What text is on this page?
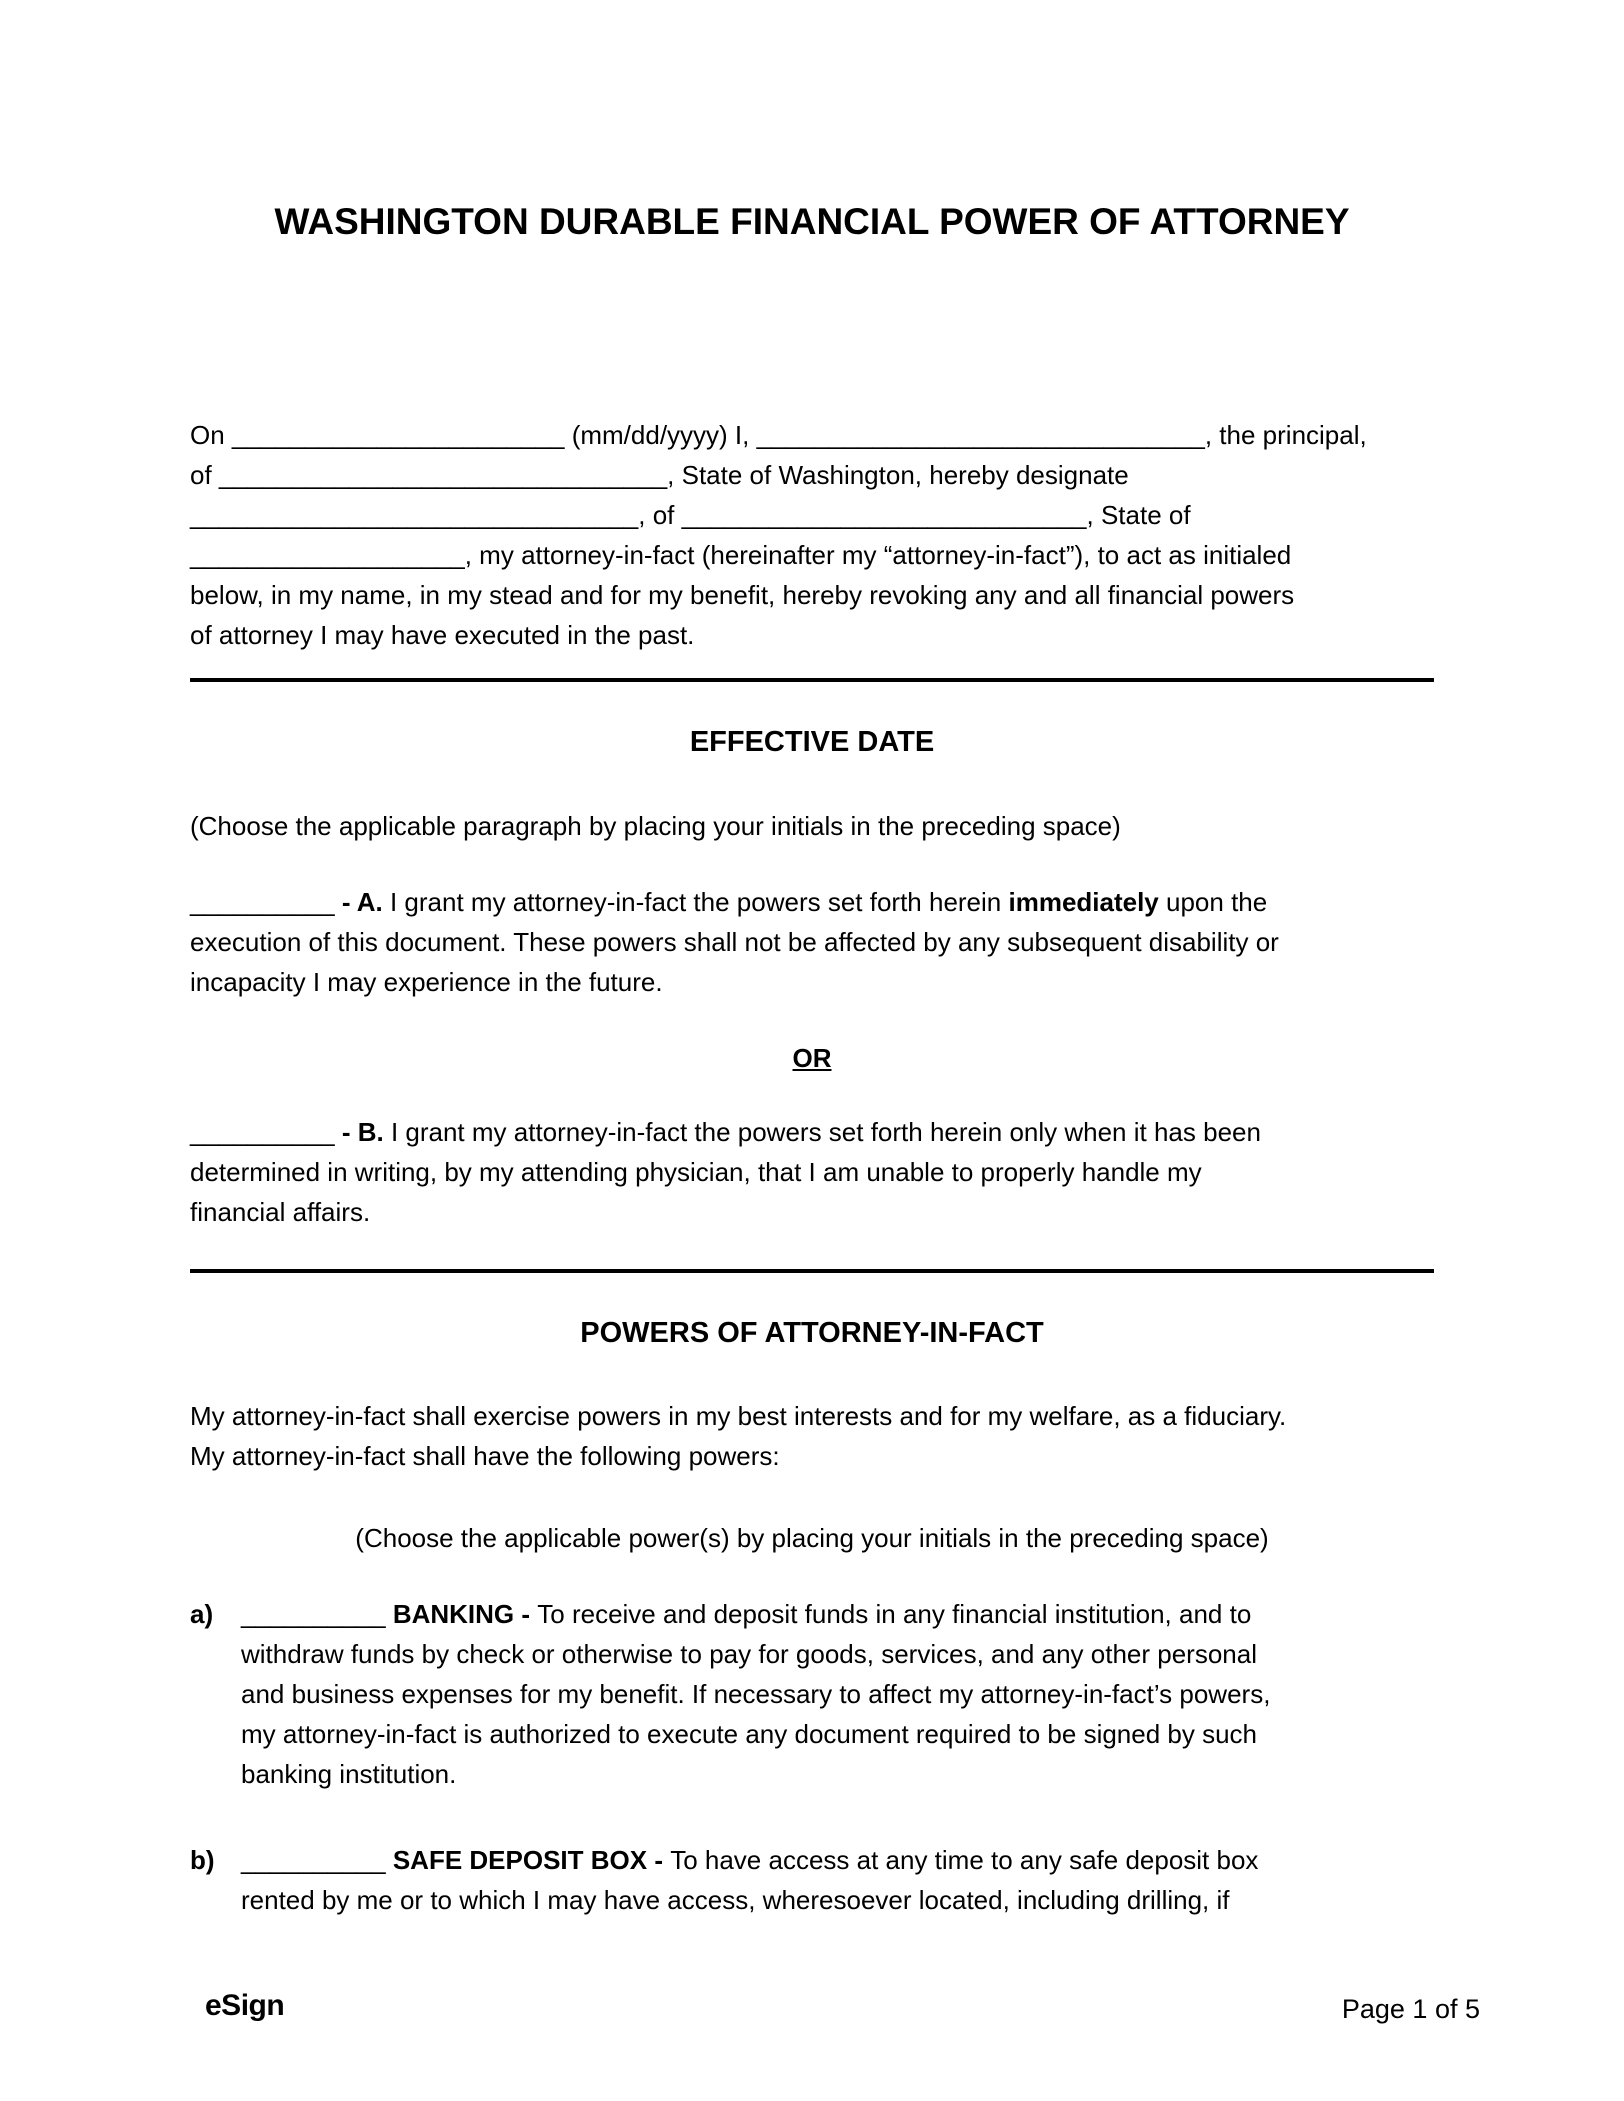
WASHINGTON DURABLE FINANCIAL POWER OF ATTORNEY
On _______________________ (mm/dd/yyyy) I, _______________________________, the principal,
of _______________________________, State of Washington, hereby designate
_______________________________, of ____________________________, State of
___________________, my attorney-in-fact (hereinafter my “attorney-in-fact”), to act as initialed
below, in my name, in my stead and for my benefit, hereby revoking any and all financial powers
of attorney I may have executed in the past.
EFFECTIVE DATE
(Choose the applicable paragraph by placing your initials in the preceding space)
__________ - A. I grant my attorney-in-fact the powers set forth herein immediately upon the
execution of this document. These powers shall not be affected by any subsequent disability or
incapacity I may experience in the future.
OR
__________ - B. I grant my attorney-in-fact the powers set forth herein only when it has been
determined in writing, by my attending physician, that I am unable to properly handle my
financial affairs.
POWERS OF ATTORNEY-IN-FACT
My attorney-in-fact shall exercise powers in my best interests and for my welfare, as a fiduciary.
My attorney-in-fact shall have the following powers:
(Choose the applicable power(s) by placing your initials in the preceding space)
a)	__________ BANKING - To receive and deposit funds in any financial institution, and to
withdraw funds by check or otherwise to pay for goods, services, and any other personal
and business expenses for my benefit. If necessary to affect my attorney-in-fact’s powers,
my attorney-in-fact is authorized to execute any document required to be signed by such
banking institution.
b)	__________ SAFE DEPOSIT BOX - To have access at any time to any safe deposit box
rented by me or to which I may have access, wheresoever located, including drilling, if
eSign	Page 1 of 5
